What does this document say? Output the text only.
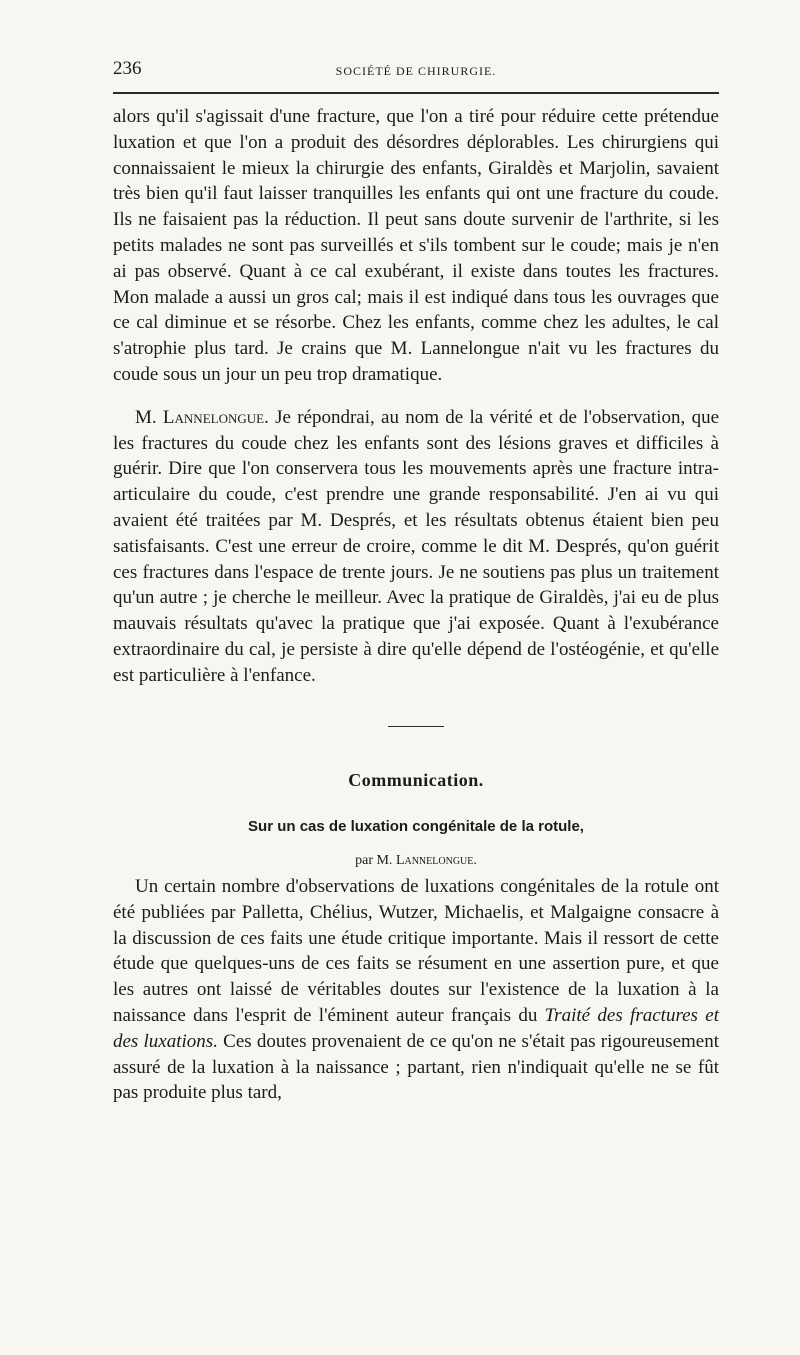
236	SOCIÉTÉ DE CHIRURGIE.

alors qu'il s'agissait d'une fracture, que l'on a tiré pour réduire cette prétendue luxation et que l'on a produit des désordres déplorables. Les chirurgiens qui connaissaient le mieux la chirurgie des enfants, Giraldès et Marjolin, savaient très bien qu'il faut laisser tranquilles les enfants qui ont une fracture du coude. Ils ne faisaient pas la réduction. Il peut sans doute survenir de l'arthrite, si les petits malades ne sont pas surveillés et s'ils tombent sur le coude; mais je n'en ai pas observé. Quant à ce cal exubérant, il existe dans toutes les fractures. Mon malade a aussi un gros cal; mais il est indiqué dans tous les ouvrages que ce cal diminue et se résorbe. Chez les enfants, comme chez les adultes, le cal s'atrophie plus tard. Je crains que M. Lannelongue n'ait vu les fractures du coude sous un jour un peu trop dramatique.

M. Lannelongue. Je répondrai, au nom de la vérité et de l'observation, que les fractures du coude chez les enfants sont des lésions graves et difficiles à guérir. Dire que l'on conservera tous les mouvements après une fracture intra-articulaire du coude, c'est prendre une grande responsabilité. J'en ai vu qui avaient été traitées par M. Després, et les résultats obtenus étaient bien peu satisfaisants. C'est une erreur de croire, comme le dit M. Després, qu'on guérit ces fractures dans l'espace de trente jours. Je ne soutiens pas plus un traitement qu'un autre ; je cherche le meilleur. Avec la pratique de Giraldès, j'ai eu de plus mauvais résultats qu'avec la pratique que j'ai exposée. Quant à l'exubérance extraordinaire du cal, je persiste à dire qu'elle dépend de l'ostéogénie, et qu'elle est particulière à l'enfance.

Communication.
Sur un cas de luxation congénitale de la rotule,
par M. Lannelongue.

Un certain nombre d'observations de luxations congénitales de la rotule ont été publiées par Palletta, Chélius, Wutzer, Michaelis, et Malgaigne consacre à la discussion de ces faits une étude critique importante. Mais il ressort de cette étude que quelques-uns de ces faits se résument en une assertion pure, et que les autres ont laissé de véritables doutes sur l'existence de la luxation à la naissance dans l'esprit de l'éminent auteur français du Traité des fractures et des luxations. Ces doutes provenaient de ce qu'on ne s'était pas rigoureusement assuré de la luxation à la naissance ; partant, rien n'indiquait qu'elle ne se fût pas produite plus tard,
